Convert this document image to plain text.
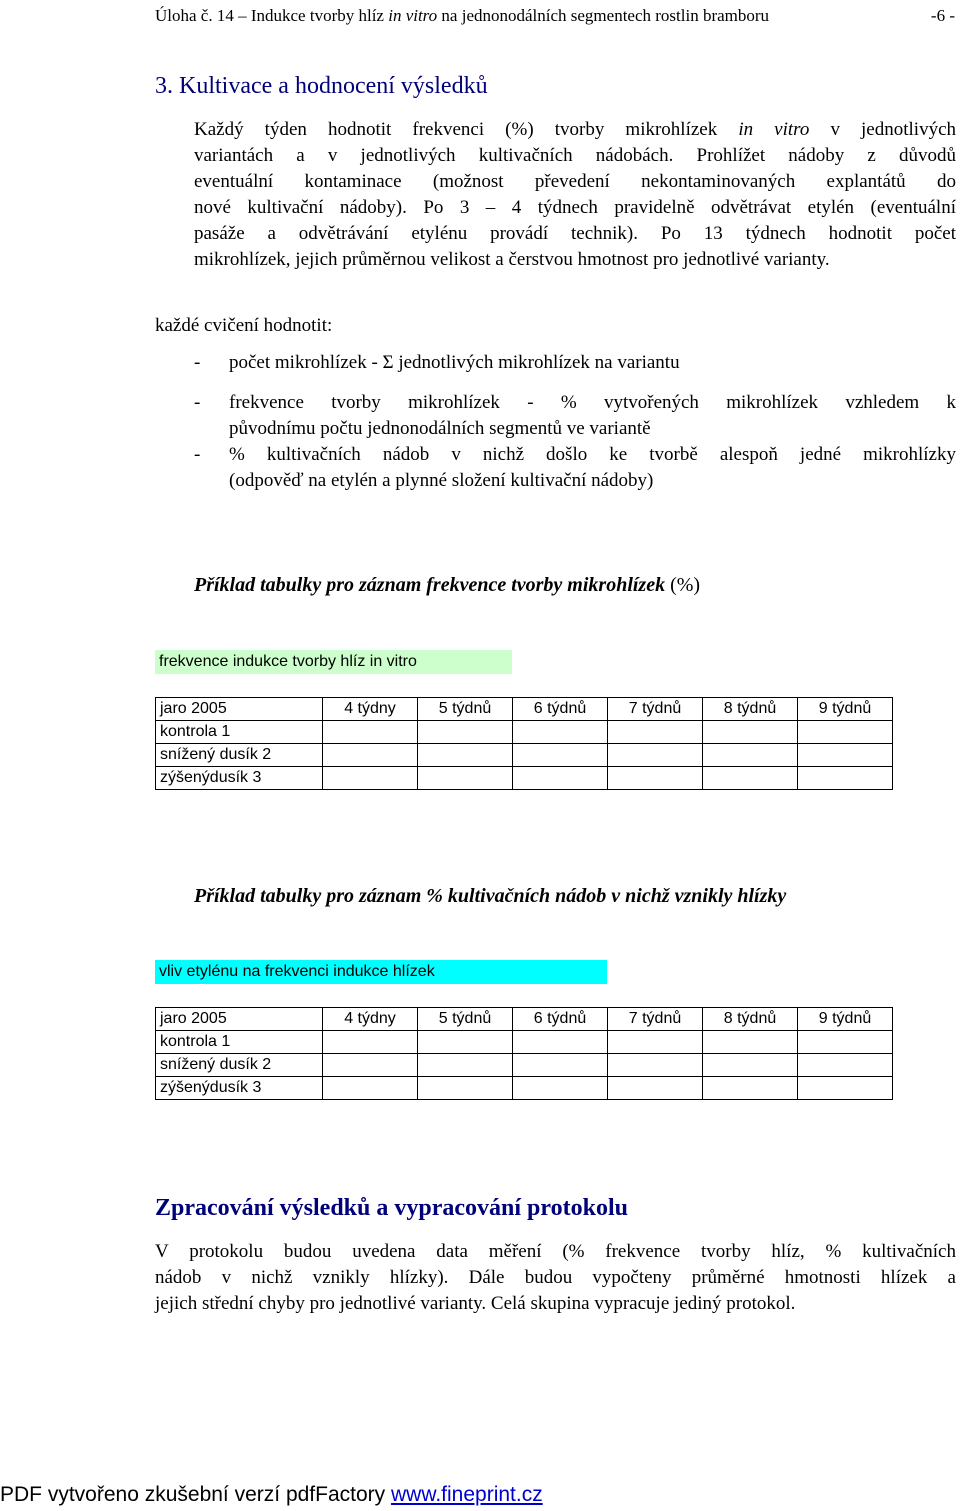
Úloha č. 14 – Indukce tvorby hlíz in vitro na jednonodálních segmentech rostlin bramboru	-6 -
3. Kultivace a hodnocení výsledků
Každý týden hodnotit frekvenci (%) tvorby mikrohlízek in vitro v jednotlivých
variantách a v jednotlivých kultivačních nádobách. Prohlížet nádoby z důvodů
eventuální kontaminace (možnost převedení nekontaminovaných explantátů do
nové kultivační nádoby). Po 3 – 4 týdnech pravidelně odvětrávat etylén (eventuální
pasáže a odvětrávání etylénu provádí technik). Po 13 týdnech hodnotit počet
mikrohlízek, jejich průměrnou velikost a čerstvou hmotnost pro jednotlivé varianty.
každé cvičení hodnotit:
- počet mikrohlízek - Σ jednotlivých mikrohlízek na variantu
- frekvence tvorby mikrohlízek - % vytvořených mikrohlízek vzhledem k
původnímu počtu jednonodálních segmentů ve variantě
- % kultivačních nádob v nichž došlo ke tvorbě alespoň jedné mikrohlízky
(odpověď na etylén a plynné složení kultivační nádoby)
Příklad tabulky pro záznam frekvence tvorby mikrohlízek (%)
frekvence indukce tvorby hlíz in vitro
jaro 2005	4 týdny	5 týdnů	6 týdnů	7 týdnů	8 týdnů	9 týdnů
kontrola 1						
snížený dusík 2						
zýšenýdusík 3						
Příklad tabulky pro záznam % kultivačních nádob v nichž vznikly hlízky
vliv etylénu na frekvenci indukce hlízek
jaro 2005	4 týdny	5 týdnů	6 týdnů	7 týdnů	8 týdnů	9 týdnů
kontrola 1						
snížený dusík 2						
zýšenýdusík 3						
Zpracování výsledků a vypracování protokolu
V protokolu budou uvedena data měření (% frekvence tvorby hlíz, % kultivačních
nádob v nichž vznikly hlízky). Dále budou vypočteny průměrné hmotnosti hlízek a
jejich střední chyby pro jednotlivé varianty. Celá skupina vypracuje jediný protokol.
PDF vytvořeno zkušební verzí pdfFactory www.fineprint.cz
